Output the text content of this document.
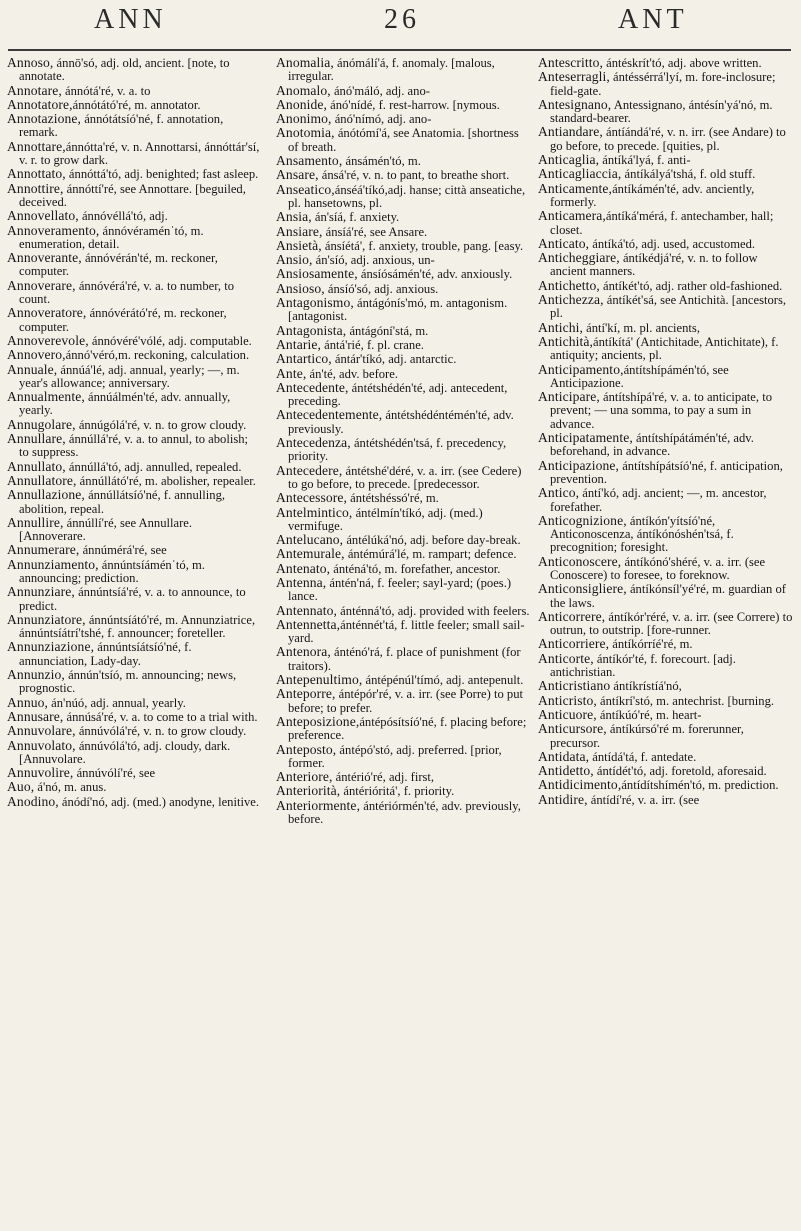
ANN	26	ANT

Annoso, ánnō'só, adj. old, ancient. [note, to annotate.

Annotare, ánnótá'ré, v. a. to

Annotatore,ánnótátó'ré, m. annotator.

Annotazione, ánnótátsíó'né, f. annotation, remark.

Annottare,ánnótta'ré, v. n. Annottarsi, ánnóttár'sí, v. r. to grow dark.

Annottato, ánnóttá'tó, adj. benighted; fast asleep.

Annottire, ánnóttí'ré, see Annottare. [beguiled, deceived.

Annovellato, ánnóvéllá'tó, adj.

Annoveramento, ánnóvéraménˈtó, m. enumeration, detail.

Annoverante, ánnóvérán'té, m. reckoner, computer.

Annoverare, ánnóvérá'ré, v. a. to number, to count.

Annoveratore, ánnóvérátó'ré, m. reckoner, computer.

Annoverevole, ánnóvéré'vólé, adj. computable.

Annovero,ánnó'véró,m. reckoning, calculation.

Annuale, ánnúá'lé, adj. annual, yearly; —, m. year's allowance; anniversary.

Annualmente, ánnúálmén'té, adv. annually, yearly.

Annugolare, ánnúgólá'ré, v. n. to grow cloudy.

Annullare, ánnúllá'ré, v. a. to annul, to abolish; to suppress.

Annullato, ánnúllá'tó, adj. annulled, repealed.

Annullatore, ánnúllátó'ré, m. abolisher, repealer.

Annullazione, ánnúllátsíó'né, f. annulling, abolition, repeal.

Annullire, ánnúllí'ré, see Annullare. [Annoverare.

Annumerare, ánnúmérá'ré, see

Annunziamento, ánnúntsíáménˈtó, m. announcing; prediction.

Annunziare, ánnúntsíá'ré, v. a. to announce, to predict.

Annunziatore, ánnúntsíátó'ré, m. Annunziatrice, ánnúntsíátrí'tshé, f. announcer; foreteller.

Annunziazione, ánnúntsíátsíó'né, f. annunciation, Lady-day.

Annunzio, ánnún'tsíó, m. announcing; news, prognostic.

Annuo, án'núó, adj. annual, yearly.

Annusare, ánnúsá'ré, v. a. to come to a trial with.

Annuvolare, ánnúvólá'ré, v. n. to grow cloudy.

Annuvolato, ánnúvólá'tó, adj. cloudy, dark. [Annuvolare.

Annuvolire, ánnúvólí'ré, see

Auo, á'nó, m. anus.

Anodino, ánódí'nó, adj. (med.) anodyne, lenitive.

Anomalia, ánómálí'á, f. anomaly. [malous, irregular.

Anomalo, ánó'máló, adj. ano-

Anonide, ánó'nídé, f. rest-harrow. [nymous.

Anonimo, ánó'nímó, adj. ano-

Anotomia, ánótómí'á, see Anatomia. [shortness of breath.

Ansamento, ánsámén'tó, m.

Ansare, ánsá'ré, v. n. to pant, to breathe short.

Anseatico,ánséá'tíkó,adj. hanse; città anseatiche, pl. hansetowns, pl.

Ansia, án'síá, f. anxiety.

Ansiare, ánsíá'ré, see Ansare.

Ansietà, ánsíétá', f. anxiety, trouble, pang. [easy.

Ansio, án'síó, adj. anxious, un-

Ansiosamente, ánsíósámén'té, adv. anxiously.

Ansioso, ánsíó'só, adj. anxious.

Antagonismo, ántágónís'mó, m. antagonism. [antagonist.

Antagonista, ántágóní'stá, m.

Antarie, ántá'rié, f. pl. crane.

Antartico, ántár'tíkó, adj. antarctic.

Ante, án'té, adv. before.

Antecedente, ántétshédén'té, adj. antecedent, preceding.

Antecedentemente, ántétshédéntémén'té, adv. previously.

Antecedenza, ántétshédén'tsá, f. precedency, priority.

Antecedere, ántétshé'déré, v. a. irr. (see Cedere) to go before, to precede. [predecessor.

Antecessore, ántétshéssó'ré, m.

Antelmintico, ántélmín'tíkó, adj. (med.) vermifuge.

Antelucano, ántélúká'nó, adj. before day-break.

Antemurale, ántémúrá'lé, m. rampart; defence.

Antenato, ánténá'tó, m. forefather, ancestor.

Antenna, ántén'ná, f. feeler; sayl-yard; (poes.) lance.

Antennato, ánténná'tó, adj. provided with feelers.

Antennetta,ánténnét'tá, f. little feeler; small sail-yard.

Antenora, ánténó'rá, f. place of punishment (for traitors).

Antepenultimo, ántépénúl'tímó, adj. antepenult.

Anteporre, ántépór'ré, v. a. irr. (see Porre) to put before; to prefer.

Anteposizione,ántépósítsíó'né, f. placing before; preference.

Anteposto, ántépó'stó, adj. preferred. [prior, former.

Anteriore, ántérió'ré, adj. first,

Anteriorità, ántérióritá', f. priority.

Anteriormente, ántériórmén'té, adv. previously, before.

Antescritto, ántéskrít'tó, adj. above written.

Anteserragli, ántéssérrá'lyí, m. fore-inclosure; field-gate.

Antesignano, Antessignano, ántésín'yá'nó, m. standard-bearer.

Antiandare, ántíándá'ré, v. n. irr. (see Andare) to go before, to precede. [quities, pl.

Anticaglia, ántíká'lyá, f. anti-

Anticagliaccia, ántíkályá'tshá, f. old stuff.

Anticamente,ántíkámén'té, adv. anciently, formerly.

Anticamera,ántíká'mérá, f. antechamber, hall; closet.

Anticato, ántíká'tó, adj. used, accustomed.

Anticheggiare, ántíkédjá'ré, v. n. to follow ancient manners.

Antichetto, ántíkét'tó, adj. rather old-fashioned.

Antichezza, ántíkét'sá, see Antichità. [ancestors, pl.

Antichi, ántí'kí, m. pl. ancients,

Antichità,ántíkítá' (Antichitade, Antichitate), f. antiquity; ancients, pl.

Anticipamento,ántítshípámén'tó, see Anticipazione.

Anticipare, ántítshípá'ré, v. a. to anticipate, to prevent; — una somma, to pay a sum in advance.

Anticipatamente, ántítshípátámén'té, adv. beforehand, in advance.

Anticipazione, ántítshípátsíó'né, f. anticipation, prevention.

Antico, ántí'kó, adj. ancient; —, m. ancestor, forefather.

Anticognizione, ántíkón'yítsíó'né, Anticonoscenza, ántíkónóshén'tsá, f. precognition; foresight.

Anticonoscere, ántíkónó'shéré, v. a. irr. (see Conoscere) to foresee, to foreknow.

Anticonsigliere, ántíkónsíl'yé'ré, m. guardian of the laws.

Anticorrere, ántíkór'réré, v. a. irr. (see Correre) to outrun, to outstrip. [fore-runner.

Anticorriere, ántíkórríé'ré, m.

Anticorte, ántíkór'té, f. forecourt. [adj. antichristian.

Anticristiano ántíkrístíá'nó,

Anticristo, ántíkrí'stó, m. antechrist. [burning.

Anticuore, ántíkúó'ré, m. heart-

Anticursore, ántíkúrsó'ré m. forerunner, precursor.

Antidata, ántídá'tá, f. antedate.

Antidetto, ántídét'tó, adj. foretold, aforesaid.

Antidicimento,ántídítshímén'tó, m. prediction.

Antidire, ántídí'ré, v. a. irr. (see
